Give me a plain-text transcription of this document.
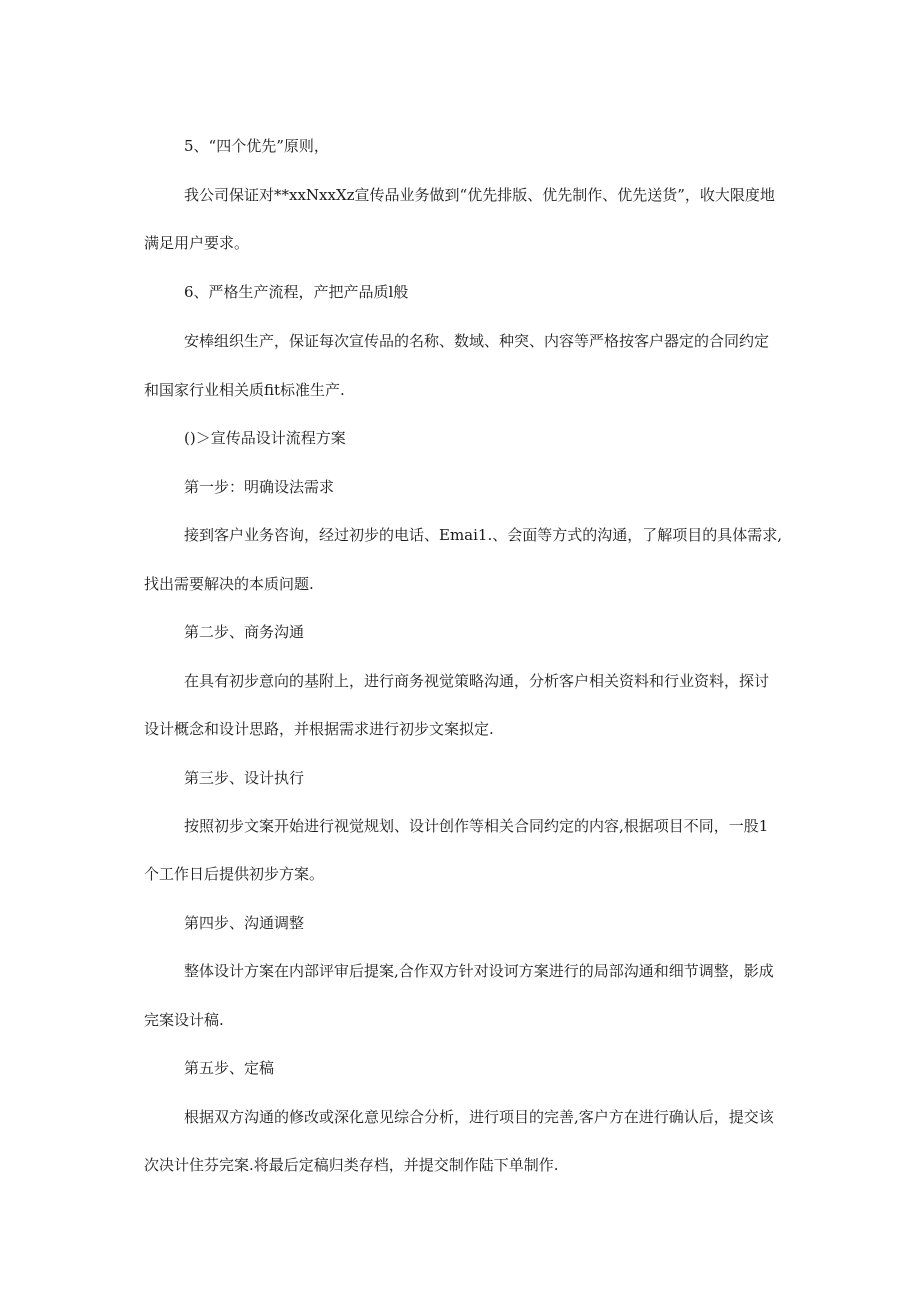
5、“四个优先”原则，
我公司保证对**xxNxxXz宣传品业务做到“优先排版、优先制作、优先送货”，收大限度地
满足用户要求。
6、严格生产流程，产把产品质l般
安棒组织生产，保证每次宣传品的名称、数域、种突、内容等严格按客户器定的合同约定
和国家行业相关质fit标准生产.
()＞宣传品设计流程方案
第一步：明确设法需求
接到客户业务咨询，经过初步的电话、Emai1.、会面等方式的沟通，了解项目的具体需求,
找出需要解决的本质问题.
第二步、商务沟通
在具有初步意向的基附上，进行商务视觉策略沟通，分析客户相关资料和行业资料，探讨
设计概念和设计思路，并根据需求进行初步文案拟定.
第三步、设计执行
按照初步文案开始进行视觉规划、设计创作等相关合同约定的内容,根据项目不同，一股1
个工作日后提供初步方案。
第四步、沟通调整
整体设计方案在内部评审后提案,合作双方针对设诃方案进行的局部沟通和细节调整，影成
完案设计稿.
第五步、定稿
根据双方沟通的修改或深化意见综合分析，进行项目的完善,客户方在进行确认后，提交该
次决计住芬完案.将最后定稿归类存档，并提交制作陆下单制作.
